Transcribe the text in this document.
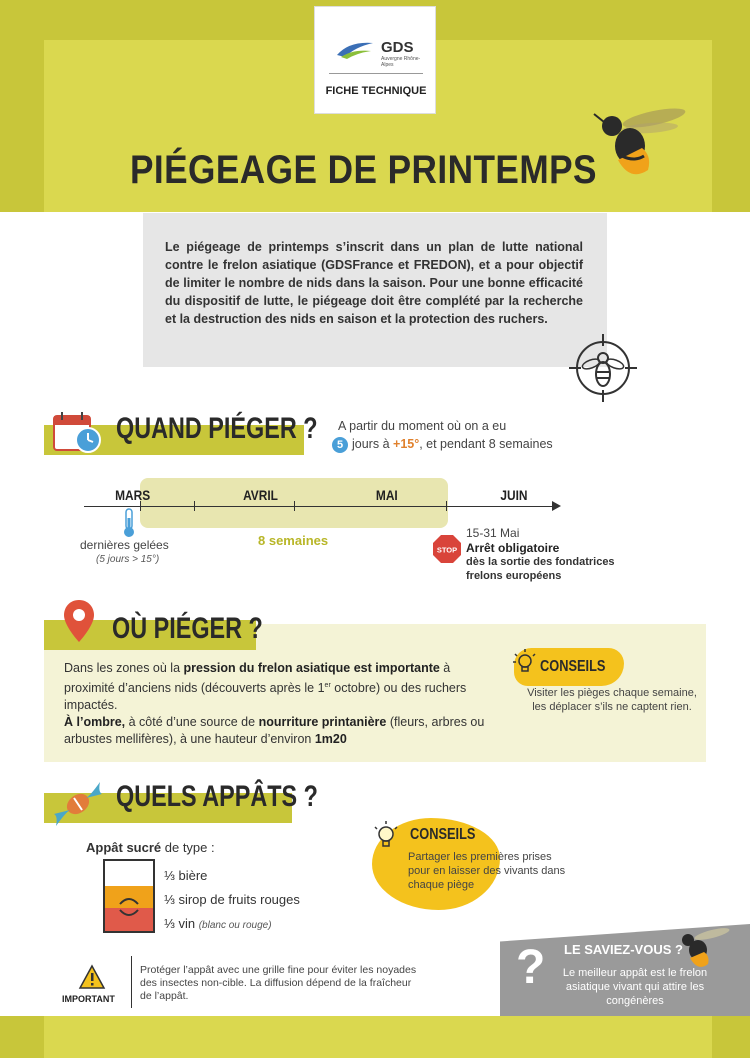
GDS
Auvergne Rhône-Alpes
FICHE TECHNIQUE
PIÉGEAGE DE PRINTEMPS
Le piégeage de printemps s’inscrit dans un plan de lutte national contre le frelon asiatique (GDSFrance et FREDON), et a pour objectif de limiter le nombre de nids dans la saison. Pour une bonne efficacité du dispositif de lutte, le piégeage doit être complété par la recherche et la destruction des nids en saison et la protection des ruchers.
QUAND PIÉGER ? A partir du moment où on a eu
5 jours à +15°, et pendant 8 semaines
MARS	AVRIL	MAI	JUIN
8 semaines
dernières gelées
(5 jours > 15°)
STOP
15-31 Mai
Arrêt obligatoire
dès la sortie des fondatrices
frelons européens
OÙ PIÉGER ?
Dans les zones où la pression du frelon asiatique est importante à proximité d’anciens nids (découverts après le 1er octobre) ou des ruchers impactés.
À l’ombre, à côté d’une source de nourriture printanière (fleurs, arbres ou arbustes mellifères), à une hauteur d’environ 1m20
CONSEILS
Visiter les pièges chaque semaine, les déplacer s’ils ne captent rien.
QUELS APPÂTS ?
Appât sucré de type :
⅓ bière
⅓ sirop de fruits rouges
⅓ vin (blanc ou rouge)
CONSEILS
Partager les premières prises pour en laisser des vivants dans chaque piège
IMPORTANT
Protéger l’appât avec une grille fine pour éviter les noyades des insectes non-cible. La diffusion dépend de la fraîcheur de l’appât.
? LE SAVIEZ-VOUS ?
Le meilleur appât est le frelon asiatique vivant qui attire les congénères
